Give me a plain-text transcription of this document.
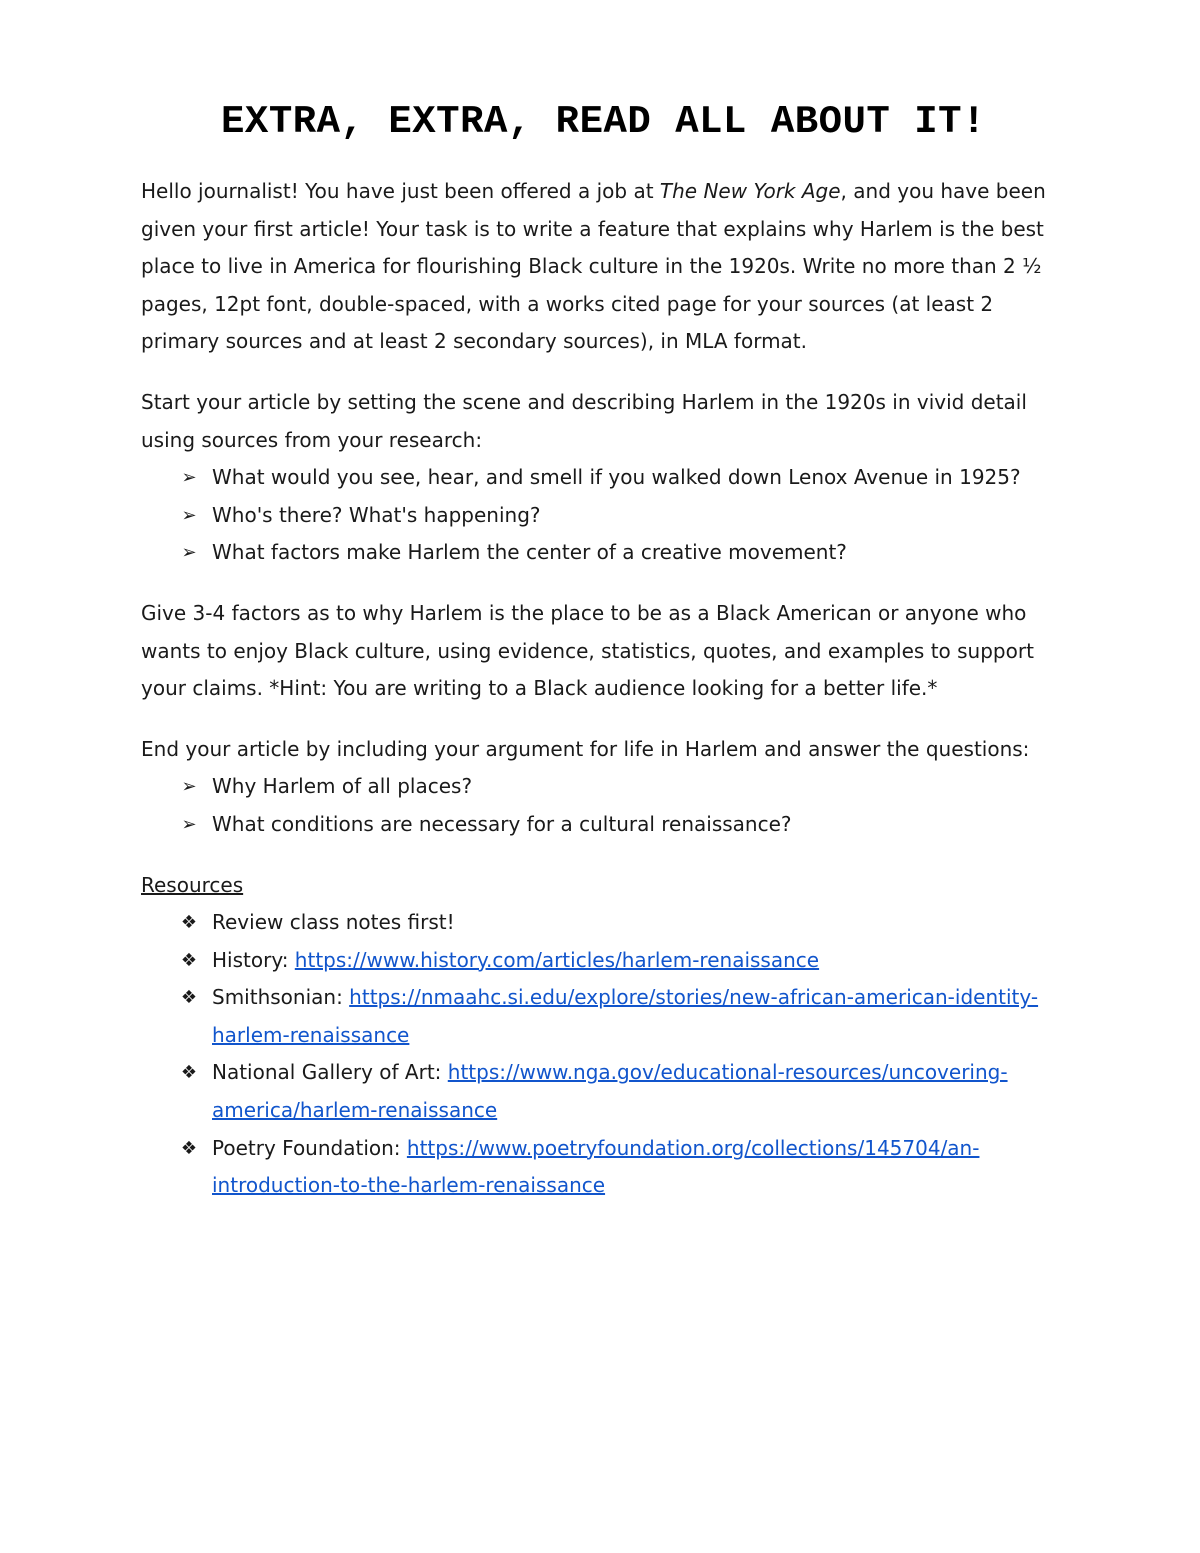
EXTRA, EXTRA, READ ALL ABOUT IT!

Hello journalist! You have just been offered a job at The New York Age, and you have been given your first article! Your task is to write a feature that explains why Harlem is the best place to live in America for flourishing Black culture in the 1920s. Write no more than 2 ½ pages, 12pt font, double-spaced, with a works cited page for your sources (at least 2 primary sources and at least 2 secondary sources), in MLA format.

Start your article by setting the scene and describing Harlem in the 1920s in vivid detail using sources from your research:

➢ What would you see, hear, and smell if you walked down Lenox Avenue in 1925?
➢ Who's there? What's happening?
➢ What factors make Harlem the center of a creative movement?

Give 3-4 factors as to why Harlem is the place to be as a Black American or anyone who wants to enjoy Black culture, using evidence, statistics, quotes, and examples to support your claims. *Hint: You are writing to a Black audience looking for a better life.*

End your article by including your argument for life in Harlem and answer the questions:

➢ Why Harlem of all places?
➢ What conditions are necessary for a cultural renaissance?

Resources

❖ Review class notes first!
❖ History: https://www.history.com/articles/harlem-renaissance
❖ Smithsonian: https://nmaahc.si.edu/explore/stories/new-african-american-identity-harlem-renaissance
❖ National Gallery of Art: https://www.nga.gov/educational-resources/uncovering-america/harlem-renaissance
❖ Poetry Foundation: https://www.poetryfoundation.org/collections/145704/an-introduction-to-the-harlem-renaissance
